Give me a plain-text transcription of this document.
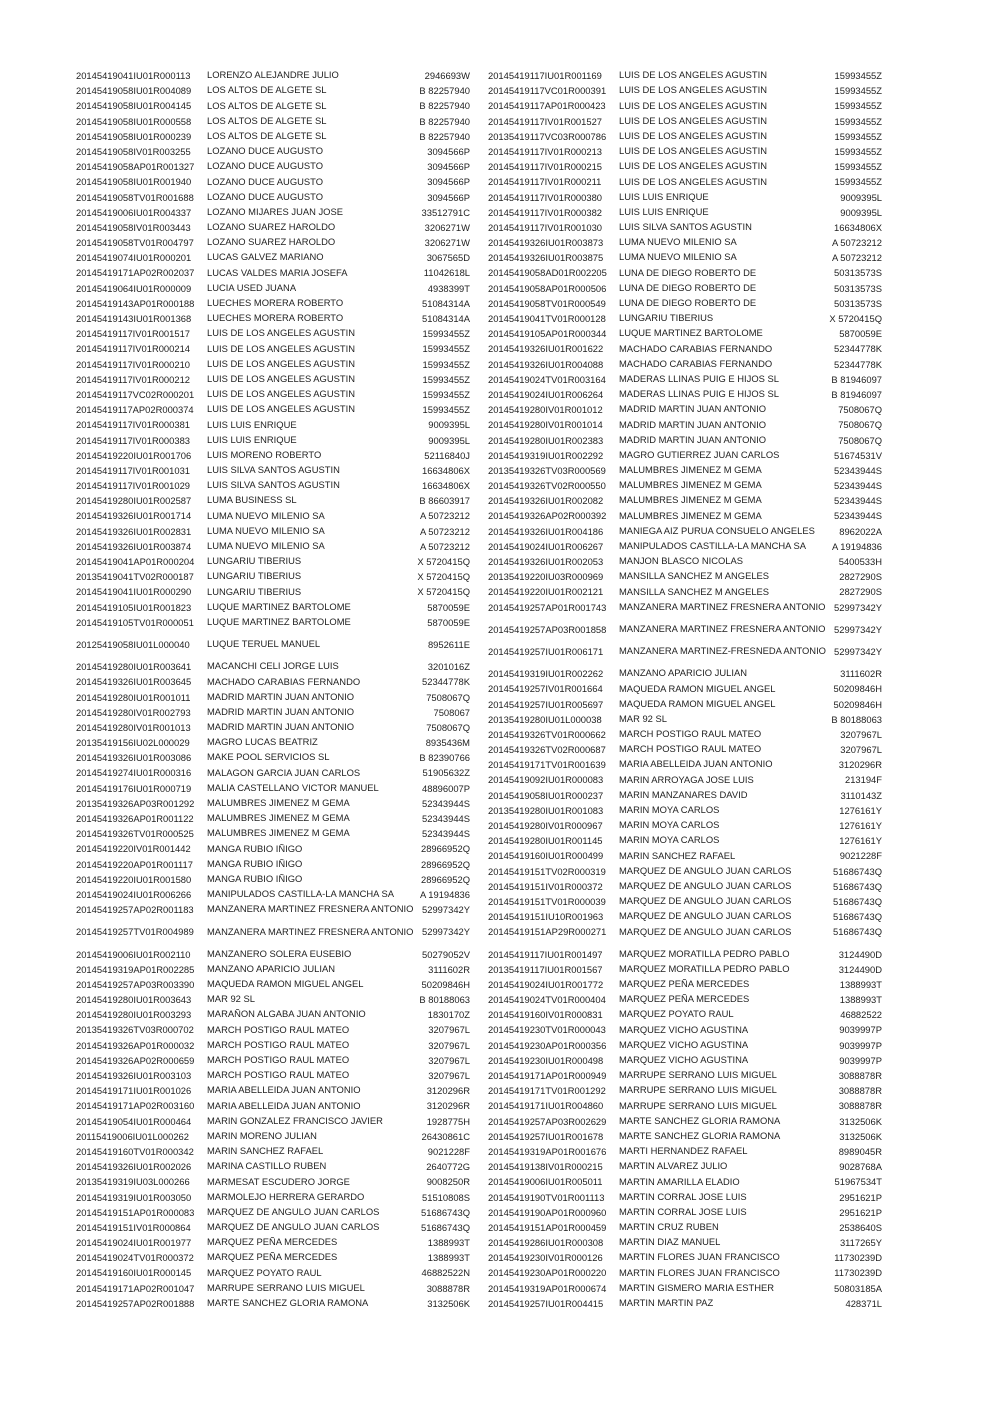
20145419041IU01R000113	LORENZO ALEJANDRE JULIO	2946693W
20145419058IU01R004089	LOS ALTOS DE ALGETE SL	B 82257940
20145419058IU01R004145	LOS ALTOS DE ALGETE SL	B 82257940
20145419058IU01R000558	LOS ALTOS DE ALGETE SL	B 82257940
20145419058IU01R000239	LOS ALTOS DE ALGETE SL	B 82257940
20145419058IV01R003255	LOZANO DUCE AUGUSTO	3094566P
20145419058AP01R001327	LOZANO DUCE AUGUSTO	3094566P
20145419058IU01R001940	LOZANO DUCE AUGUSTO	3094566P
20145419058TV01R001688	LOZANO DUCE AUGUSTO	3094566P
20145419006IU01R004337	LOZANO MIJARES JUAN JOSE	33512791C
20145419058IV01R003443	LOZANO SUAREZ HAROLDO	3206271W
20145419058TV01R004797	LOZANO SUAREZ HAROLDO	3206271W
20145419074IU01R000201	LUCAS GALVEZ MARIANO	3067565D
20145419171AP02R002037	LUCAS VALDES MARIA JOSEFA	11042618L
20145419064IU01R000009	LUCIA USED JUANA	4938399T
20145419143AP01R000188	LUECHES MORERA ROBERTO	51084314A
20145419143IU01R001368	LUECHES MORERA ROBERTO	51084314A
20145419117IV01R001517	LUIS DE LOS ANGELES AGUSTIN	15993455Z
20145419117IV01R000214	LUIS DE LOS ANGELES AGUSTIN	15993455Z
20145419117IV01R000210	LUIS DE LOS ANGELES AGUSTIN	15993455Z
20145419117IV01R000212	LUIS DE LOS ANGELES AGUSTIN	15993455Z
20145419117VC02R000201	LUIS DE LOS ANGELES AGUSTIN	15993455Z
20145419117AP02R000374	LUIS DE LOS ANGELES AGUSTIN	15993455Z
20145419117IV01R000381	LUIS LUIS ENRIQUE	9009395L
20145419117IV01R000383	LUIS LUIS ENRIQUE	9009395L
20145419220IU01R001706	LUIS MORENO ROBERTO	52116840J
20145419117IV01R001031	LUIS SILVA SANTOS AGUSTIN	16634806X
20145419117IV01R001029	LUIS SILVA SANTOS AGUSTIN	16634806X
20145419280IU01R002587	LUMA BUSINESS SL	B 86603917
20145419326IU01R001714	LUMA NUEVO MILENIO SA	A 50723212
20145419326IU01R002831	LUMA NUEVO MILENIO SA	A 50723212
20145419326IU01R003874	LUMA NUEVO MILENIO SA	A 50723212
20145419041AP01R000204	LUNGARIU TIBERIUS	X 5720415Q
20135419041TV02R000187	LUNGARIU TIBERIUS	X 5720415Q
20145419041IU01R000290	LUNGARIU TIBERIUS	X 5720415Q
20145419105IU01R001823	LUQUE MARTINEZ BARTOLOME	5870059E
20145419105TV01R000051	LUQUE MARTINEZ BARTOLOME	5870059E
20125419058IU01L000040	LUQUE TERUEL MANUEL	8952611E
20145419280IU01R003641	MACANCHI CELI JORGE LUIS	3201016Z
20145419326IU01R003645	MACHADO CARABIAS FERNANDO	52344778K
20145419280IU01R001011	MADRID MARTIN JUAN ANTONIO	7508067Q
20145419280IV01R002793	MADRID MARTIN JUAN ANTONIO	7508067
20145419280IV01R001013	MADRID MARTIN JUAN ANTONIO	7508067Q
20135419156IU02L000029	MAGRO LUCAS BEATRIZ	8935436M
20145419326IU01R003086	MAKE POOL SERVICIOS SL	B 82390766
20145419274IU01R000316	MALAGON GARCIA JUAN CARLOS	51905632Z
20145419176IU01R000719	MALIA CASTELLANO VICTOR MANUEL	48896007P
20135419326AP03R001292	MALUMBRES JIMENEZ M GEMA	52343944S
20145419326AP01R001122	MALUMBRES JIMENEZ M GEMA	52343944S
20145419326TV01R000525	MALUMBRES JIMENEZ M GEMA	52343944S
20145419220IV01R001442	MANGA RUBIO IÑIGO	28966952Q
20145419220AP01R001117	MANGA RUBIO IÑIGO	28966952Q
20145419220IU01R001580	MANGA RUBIO IÑIGO	28966952Q
20145419024IU01R006266	MANIPULADOS CASTILLA-LA MANCHA SA	A 19194836
20145419257AP02R001183	MANZANERA MARTINEZ FRESNERA ANTONIO 52997342Y
20145419257TV01R004989	MANZANERA MARTINEZ FRESNERA ANTONIO 52997342Y
20145419006IU01R002110	MANZANERO SOLERA EUSEBIO	50279052V
20145419319AP01R002285	MANZANO APARICIO JULIAN	3111602R
20145419257AP03R003390	MAQUEDA RAMON MIGUEL ANGEL	50209846H
20145419280IU01R003643	MAR 92 SL	B 80188063
20145419280IU01R003293	MARAÑON ALGABA JUAN ANTONIO	1830170Z
20135419326TV03R000702	MARCH POSTIGO RAUL MATEO	3207967L
20145419326AP01R000032	MARCH POSTIGO RAUL MATEO	3207967L
20145419326AP02R000659	MARCH POSTIGO RAUL MATEO	3207967L
20145419326IU01R003103	MARCH POSTIGO RAUL MATEO	3207967L
20145419171IU01R001026	MARIA ABELLEIDA JUAN ANTONIO	3120296R
20145419171AP02R003160	MARIA ABELLEIDA JUAN ANTONIO	3120296R
20145419054IU01R000464	MARIN GONZALEZ FRANCISCO JAVIER	1928775H
20115419006IU01L000262	MARIN MORENO JULIAN	26430861C
20145419160TV01R000342	MARIN SANCHEZ RAFAEL	9021228F
20145419326IU01R002026	MARINA CASTILLO RUBEN	2640772G
20135419319IU03L000266	MARMESAT ESCUDERO JORGE	9008250R
20145419319IU01R003050	MARMOLEJO HERRERA GERARDO	51510808S
20145419151AP01R000083	MARQUEZ DE ANGULO JUAN CARLOS	51686743Q
20145419151IV01R000864	MARQUEZ DE ANGULO JUAN CARLOS	51686743Q
20145419024IU01R001977	MARQUEZ PEÑA MERCEDES	1388993T
20145419024TV01R000372	MARQUEZ PEÑA MERCEDES	1388993T
20145419160IU01R000145	MARQUEZ POYATO RAUL	46882522N
20145419171AP02R001047	MARRUPE SERRANO LUIS MIGUEL	3088878R
20145419257AP02R001888	MARTE SANCHEZ GLORIA RAMONA	3132506K
20145419117IU01R001169	LUIS DE LOS ANGELES AGUSTIN	15993455Z
20145419117VC01R000391	LUIS DE LOS ANGELES AGUSTIN	15993455Z
20145419117AP01R000423	LUIS DE LOS ANGELES AGUSTIN	15993455Z
20145419117IV01R001527	LUIS DE LOS ANGELES AGUSTIN	15993455Z
20135419117VC03R000786	LUIS DE LOS ANGELES AGUSTIN	15993455Z
20145419117IV01R000213	LUIS DE LOS ANGELES AGUSTIN	15993455Z
20145419117IV01R000215	LUIS DE LOS ANGELES AGUSTIN	15993455Z
20145419117IV01R000211	LUIS DE LOS ANGELES AGUSTIN	15993455Z
20145419117IV01R000380	LUIS LUIS ENRIQUE	9009395L
20145419117IV01R000382	LUIS LUIS ENRIQUE	9009395L
20145419117IV01R001030	LUIS SILVA SANTOS AGUSTIN	16634806X
20145419326IU01R003873	LUMA NUEVO MILENIO SA	A 50723212
20145419326IU01R003875	LUMA NUEVO MILENIO SA	A 50723212
20145419058AD01R002205	LUNA DE DIEGO ROBERTO DE	50313573S
20145419058AP01R000506	LUNA DE DIEGO ROBERTO DE	50313573S
20145419058TV01R000549	LUNA DE DIEGO ROBERTO DE	50313573S
20145419041TV01R000128	LUNGARIU TIBERIUS	X 5720415Q
20145419105AP01R000344	LUQUE MARTINEZ BARTOLOME	5870059E
20145419326IU01R001622	MACHADO CARABIAS FERNANDO	52344778K
20145419326IU01R004088	MACHADO CARABIAS FERNANDO	52344778K
20145419024TV01R003164	MADERAS LLINAS PUIG E HIJOS SL	B 81946097
20145419024IU01R006264	MADERAS LLINAS PUIG E HIJOS SL	B 81946097
20145419280IV01R001012	MADRID MARTIN JUAN ANTONIO	7508067Q
20145419280IV01R001014	MADRID MARTIN JUAN ANTONIO	7508067Q
20145419280IU01R002383	MADRID MARTIN JUAN ANTONIO	7508067Q
20145419319IU01R002292	MAGRO GUTIERREZ JUAN CARLOS	51674531V
20135419326TV03R000569	MALUMBRES JIMENEZ M GEMA	52343944S
20145419326TV02R000550	MALUMBRES JIMENEZ M GEMA	52343944S
20145419326IU01R002082	MALUMBRES JIMENEZ M GEMA	52343944S
20145419326AP02R000392	MALUMBRES JIMENEZ M GEMA	52343944S
20145419326IU01R004186	MANIEGA AIZ PURUA CONSUELO ANGELES	8962022A
20145419024IU01R006267	MANIPULADOS CASTILLA-LA MANCHA SA	A 19194836
20145419326IU01R002053	MANJON BLASCO NICOLAS	5400533H
20135419220IU03R000969	MANSILLA SANCHEZ M ANGELES	2827290S
20145419220IU01R002121	MANSILLA SANCHEZ M ANGELES	2827290S
20145419257AP01R001743	MANZANERA MARTINEZ FRESNERA ANTONIO 52997342Y
20145419257AP03R001858	MANZANERA MARTINEZ FRESNERA ANTONIO 52997342Y
20145419257IU01R006171	MANZANERA MARTINEZ-FRESNEDA ANTONIO 52997342Y
20145419319IU01R002262	MANZANO APARICIO JULIAN	3111602R
20145419257IV01R001664	MAQUEDA RAMON MIGUEL ANGEL	50209846H
20145419257IU01R005697	MAQUEDA RAMON MIGUEL ANGEL	50209846H
20135419280IU01L000038	MAR 92 SL	B 80188063
20145419326TV01R000662	MARCH POSTIGO RAUL MATEO	3207967L
20145419326TV02R000687	MARCH POSTIGO RAUL MATEO	3207967L
20145419171TV01R001639	MARIA ABELLEIDA JUAN ANTONIO	3120296R
20145419092IU01R000083	MARIN ARROYAGA JOSE LUIS	213194F
20145419058IU01R000237	MARIN MANZANARES DAVID	3110143Z
20135419280IU01R001083	MARIN MOYA CARLOS	1276161Y
20145419280IV01R000967	MARIN MOYA CARLOS	1276161Y
20145419280IU01R001145	MARIN MOYA CARLOS	1276161Y
20145419160IU01R000499	MARIN SANCHEZ RAFAEL	9021228F
20145419151TV02R000319	MARQUEZ DE ANGULO JUAN CARLOS	51686743Q
20145419151IV01R000372	MARQUEZ DE ANGULO JUAN CARLOS	51686743Q
20145419151TV01R000039	MARQUEZ DE ANGULO JUAN CARLOS	51686743Q
20145419151IU10R001963	MARQUEZ DE ANGULO JUAN CARLOS	51686743Q
20145419151AP29R000271	MARQUEZ DE ANGULO JUAN CARLOS	51686743Q
20145419117IU01R001497	MARQUEZ MORATILLA PEDRO PABLO	3124490D
20135419117IU01R001567	MARQUEZ MORATILLA PEDRO PABLO	3124490D
20145419024IU01R001772	MARQUEZ PEÑA MERCEDES	1388993T
20145419024TV01R000404	MARQUEZ PEÑA MERCEDES	1388993T
20145419160IV01R000831	MARQUEZ POYATO RAUL	46882522
20145419230TV01R000043	MARQUEZ VICHO AGUSTINA	9039997P
20145419230AP01R000356	MARQUEZ VICHO AGUSTINA	9039997P
20145419230IU01R000498	MARQUEZ VICHO AGUSTINA	9039997P
20145419171AP01R000949	MARRUPE SERRANO LUIS MIGUEL	3088878R
20145419171TV01R001292	MARRUPE SERRANO LUIS MIGUEL	3088878R
20145419171IU01R004860	MARRUPE SERRANO LUIS MIGUEL	3088878R
20145419257AP03R002629	MARTE SANCHEZ GLORIA RAMONA	3132506K
20145419257IU01R001678	MARTE SANCHEZ GLORIA RAMONA	3132506K
20145419319AP01R001676	MARTI HERNANDEZ RAFAEL	8989045R
20145419138IV01R000215	MARTIN ALVAREZ JULIO	9028768A
20145419006IU01R005011	MARTIN AMARILLA ELADIO	51967534T
20145419190TV01R001113	MARTIN CORRAL JOSE LUIS	2951621P
20145419190AP01R000960	MARTIN CORRAL JOSE LUIS	2951621P
20145419151AP01R000459	MARTIN CRUZ RUBEN	2538640S
20145419286IU01R000308	MARTIN DIAZ MANUEL	3117265Y
20145419230IV01R000126	MARTIN FLORES JUAN FRANCISCO	11730239D
20145419230AP01R000220	MARTIN FLORES JUAN FRANCISCO	11730239D
20145419319AP01R000674	MARTIN GISMERO MARIA ESTHER	50803185A
20145419257IU01R004415	MARTIN MARTIN PAZ	428371L
